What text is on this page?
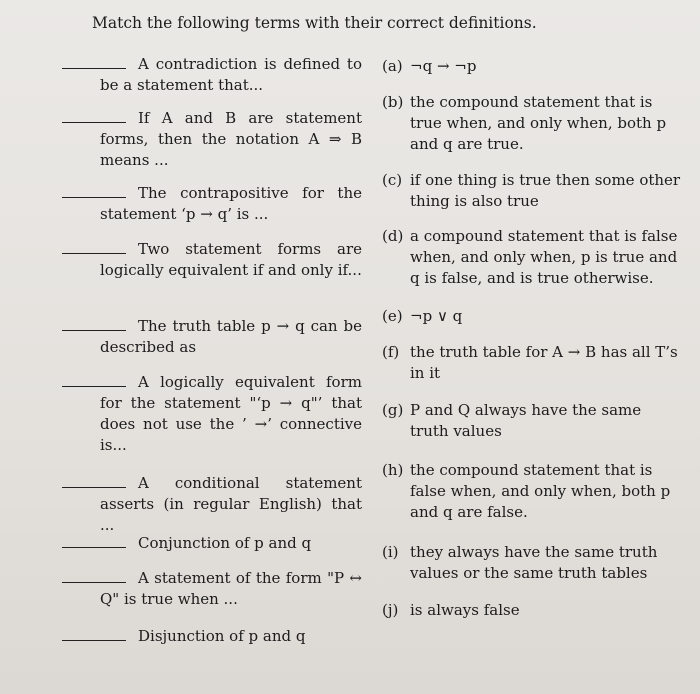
Match the following terms with their correct definitions.
A contradiction is defined to be a statement that...
If A and B are statement forms, then the notation A ⇒ B means ...
The contrapositive for the statement ‘p → q’ is ...
Two statement forms are logically equivalent if and only if...
The truth table p → q can be described as
A logically equivalent form for the statement "‘p → q"’ that does not use the ’ →’ connective is...
A conditional statement asserts (in regular English) that ...
Conjunction of p and q
A statement of the form "P ↔ Q" is true when ...
Disjunction of p and q
(a) ¬q → ¬p
(b) the compound statement that is true when, and only when, both p and q are true.
(c) if one thing is true then some other thing is also true
(d) a compound statement that is false when, and only when, p is true and q is false, and is true otherwise.
(e) ¬p ∨ q
(f) the truth table for A → B has all T’s in it
(g) P and Q always have the same truth values
(h) the compound statement that is false when, and only when, both p and q are false.
(i) they always have the same truth values or the same truth tables
(j) is always false
